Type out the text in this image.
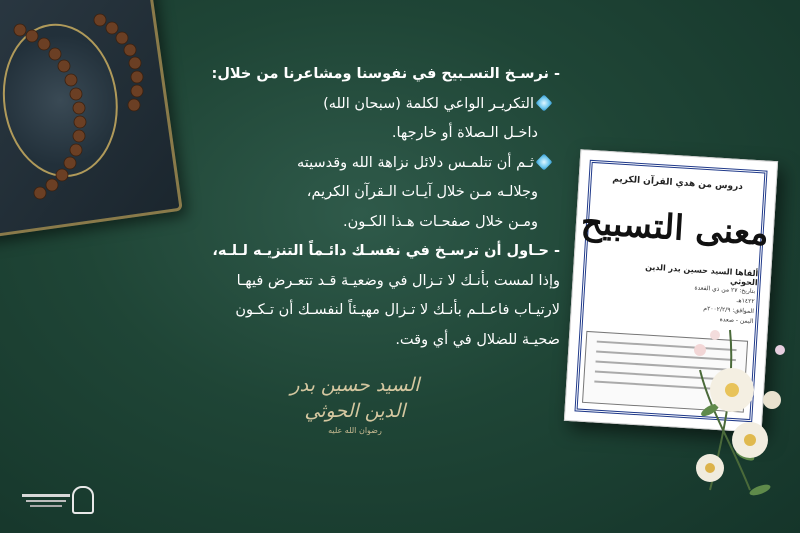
- نرسـخ التسـبيح في نفوسنا ومشاعرنا من خلال:
التكريـر الواعي لكلمة (سبحان الله)
داخـل الـصلاة أو خارجها.
ثـم أن تتلمـس دلائل نزاهة الله وقدسيته
وجلالـه مـن خلال آيـات الـقرآن الكريم،
ومـن خلال صفحـات هـذا الكـون.
- حـاول أن ترسـخ في نفسـك دائـماً التنزيـه لـلـه،
وإذا لمست بأنـك لا تـزال في وضعيـة قـد تتعـرض فيهـا
لارتيـاب فاعـلـم بأنـك لا تـزال مهيـئاً لنفسـك أن تـكـون
ضحيـة للضلال في أي وقت.
السيد حسين بدر الدين الحوثي
رضوان الله عليه
دروس من هدي القرآن الكريم
معنى التسبيح
ألقاها السيد حسين بدر الدين الحوثي
بتاريخ: ٢٧ من ذي القعدة ١٤٢٢هـ
الموافق: ٢٠٠٢/٢/٩م
اليمن - صعدة
